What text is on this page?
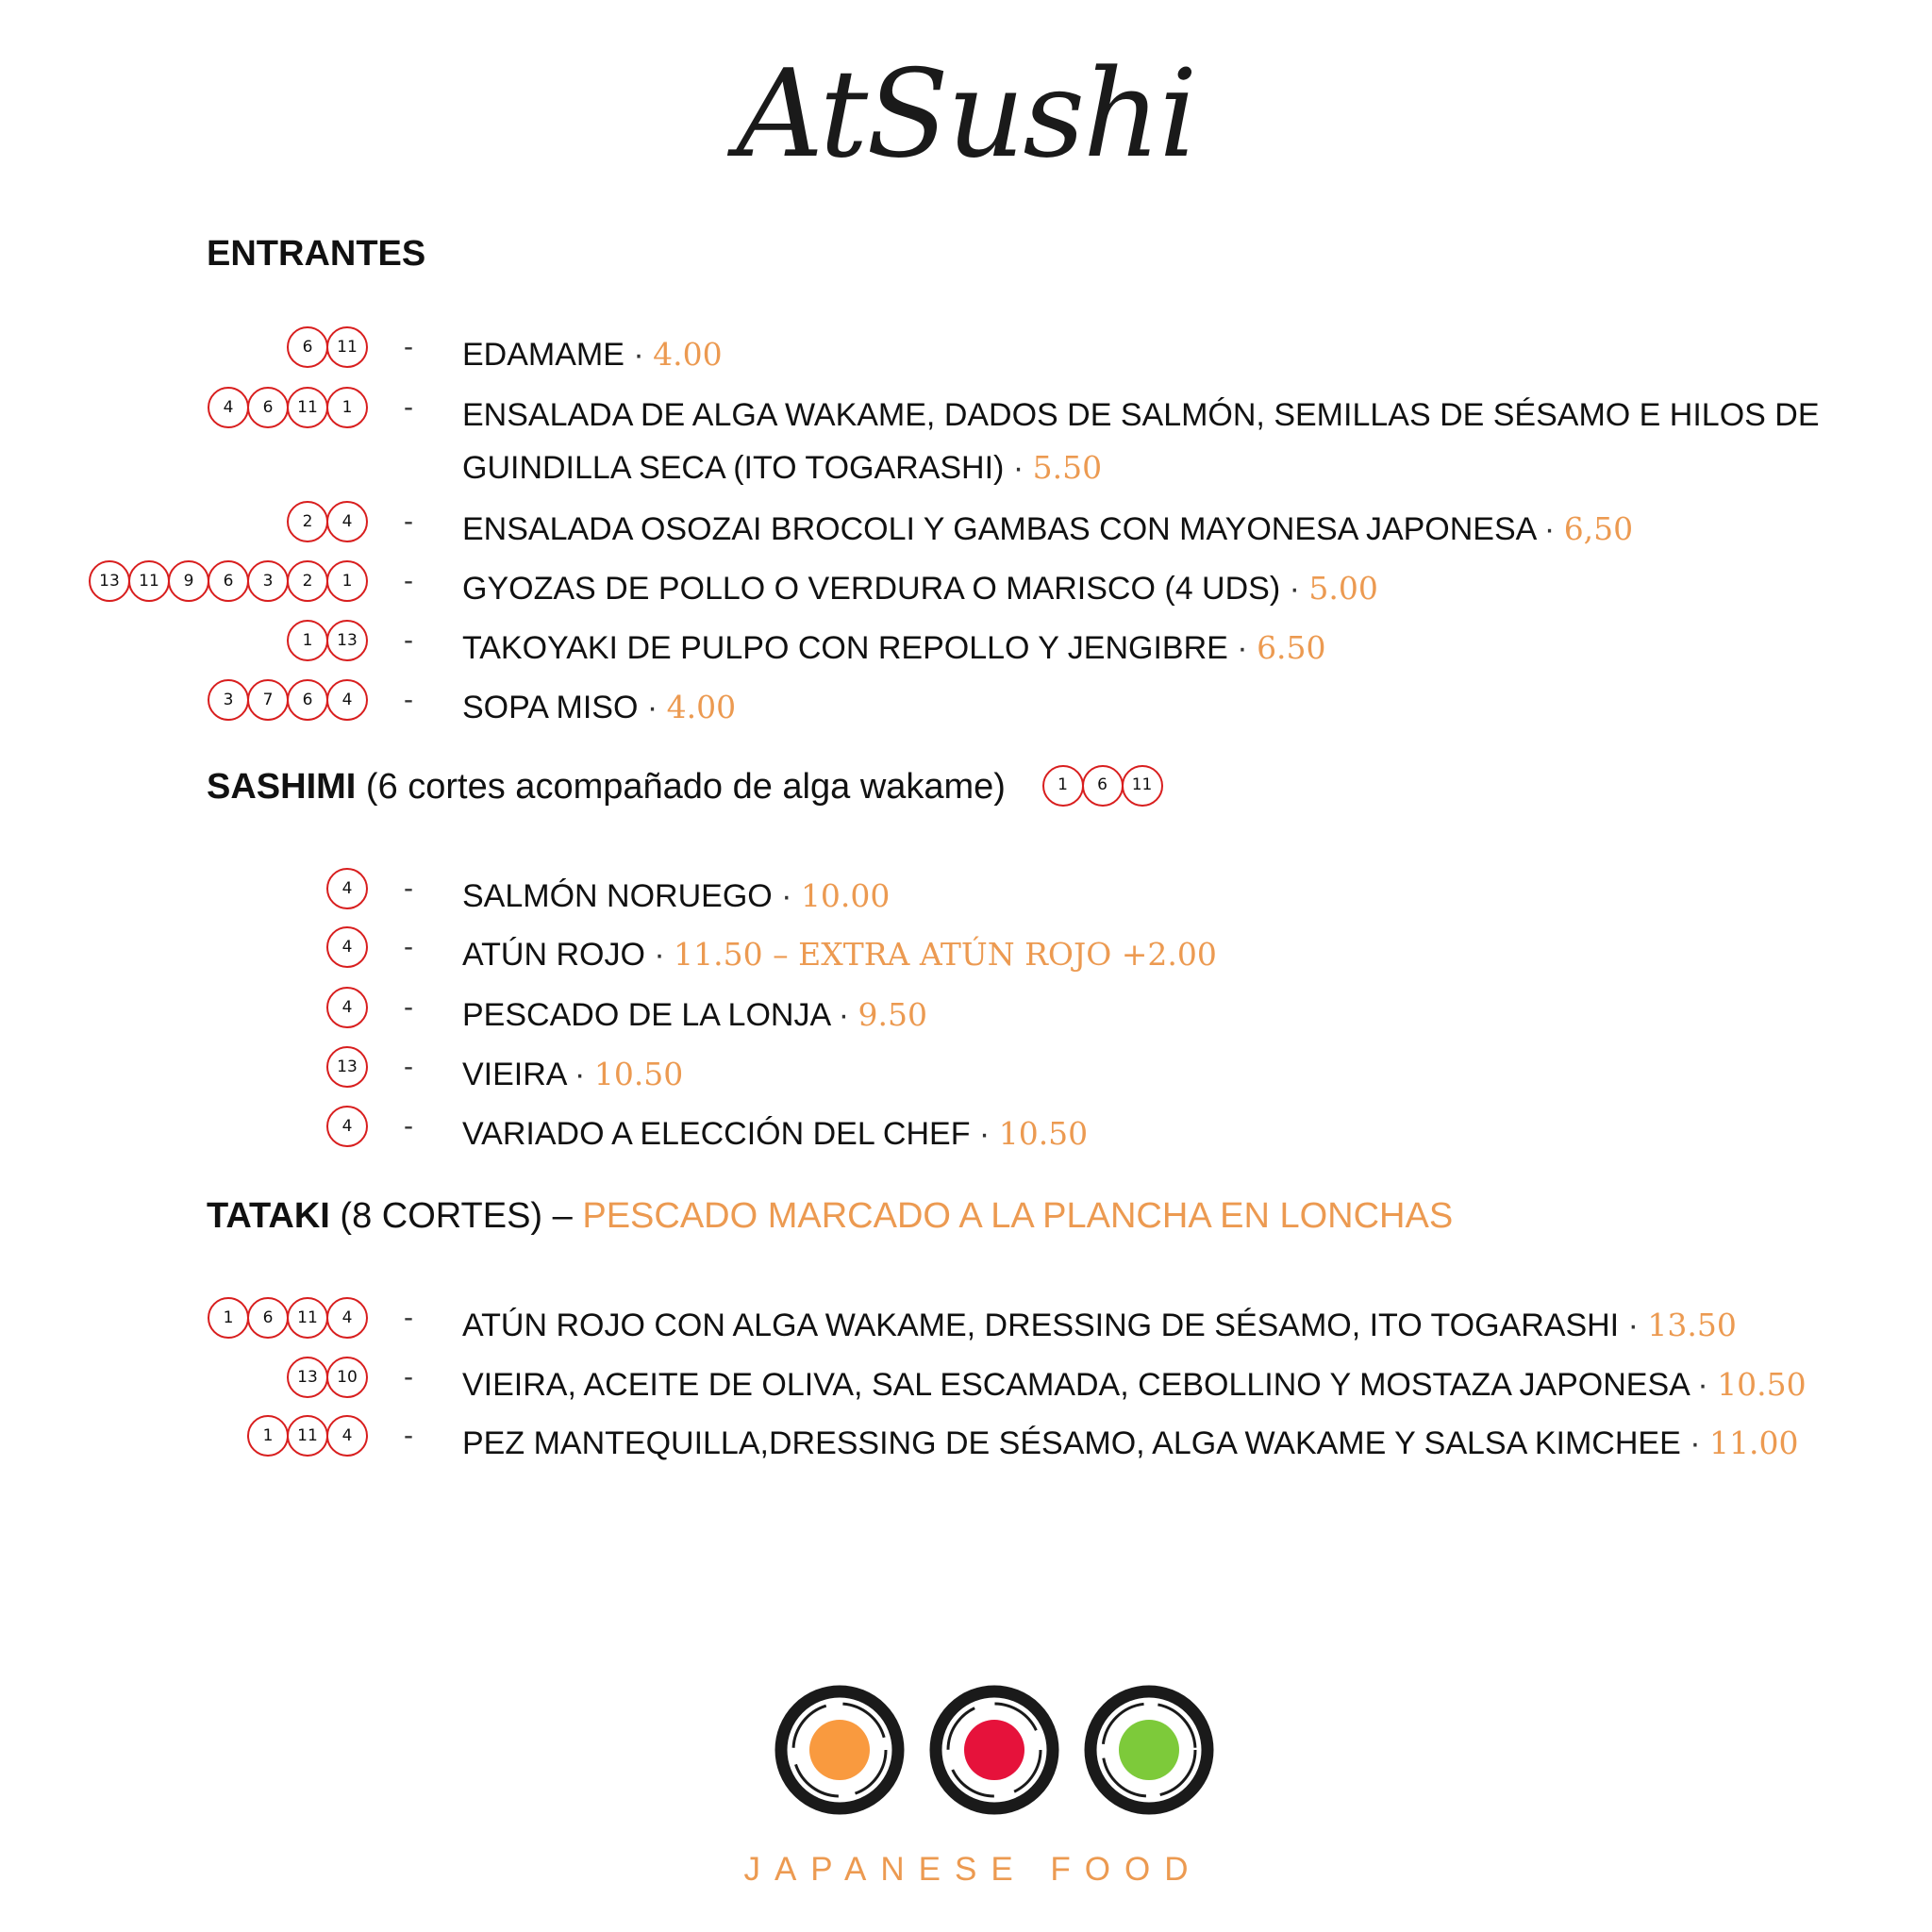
AtSushi
ENTRANTES
6	11	- EDAMAME · 4.00
4	6	11	1	- ENSALADA DE ALGA WAKAME, DADOS DE SALMÓN, SEMILLAS DE SÉSAMO E HILOS DE GUINDILLA SECA (ITO TOGARASHI) · 5.50
2	4	- ENSALADA OSOZAI BROCOLI Y GAMBAS CON MAYONESA JAPONESA · 6,50
13	11	9	6	3	2	1	- GYOZAS DE POLLO O VERDURA O MARISCO (4 UDS) · 5.00
1	13	- TAKOYAKI DE PULPO CON REPOLLO Y JENGIBRE · 6.50
3	7	6	4	- SOPA MISO · 4.00
SASHIMI (6 cortes acompañado de alga wakame)	1	6	11
4	- SALMÓN NORUEGO · 10.00
4	- ATÚN ROJO · 11.50 – EXTRA ATÚN ROJO +2.00
4	- PESCADO DE LA LONJA · 9.50
13	- VIEIRA · 10.50
4	- VARIADO A ELECCIÓN DEL CHEF · 10.50
TATAKI (8 CORTES) – PESCADO MARCADO A LA PLANCHA EN LONCHAS
1	6	11	4	- ATÚN ROJO CON ALGA WAKAME, DRESSING DE SÉSAMO, ITO TOGARASHI · 13.50
13	10	- VIEIRA, ACEITE DE OLIVA, SAL ESCAMADA, CEBOLLINO Y MOSTAZA JAPONESA · 10.50
1	11	4	- PEZ MANTEQUILLA,DRESSING DE SÉSAMO, ALGA WAKAME Y SALSA KIMCHEE · 11.00
JAPANESE FOOD
